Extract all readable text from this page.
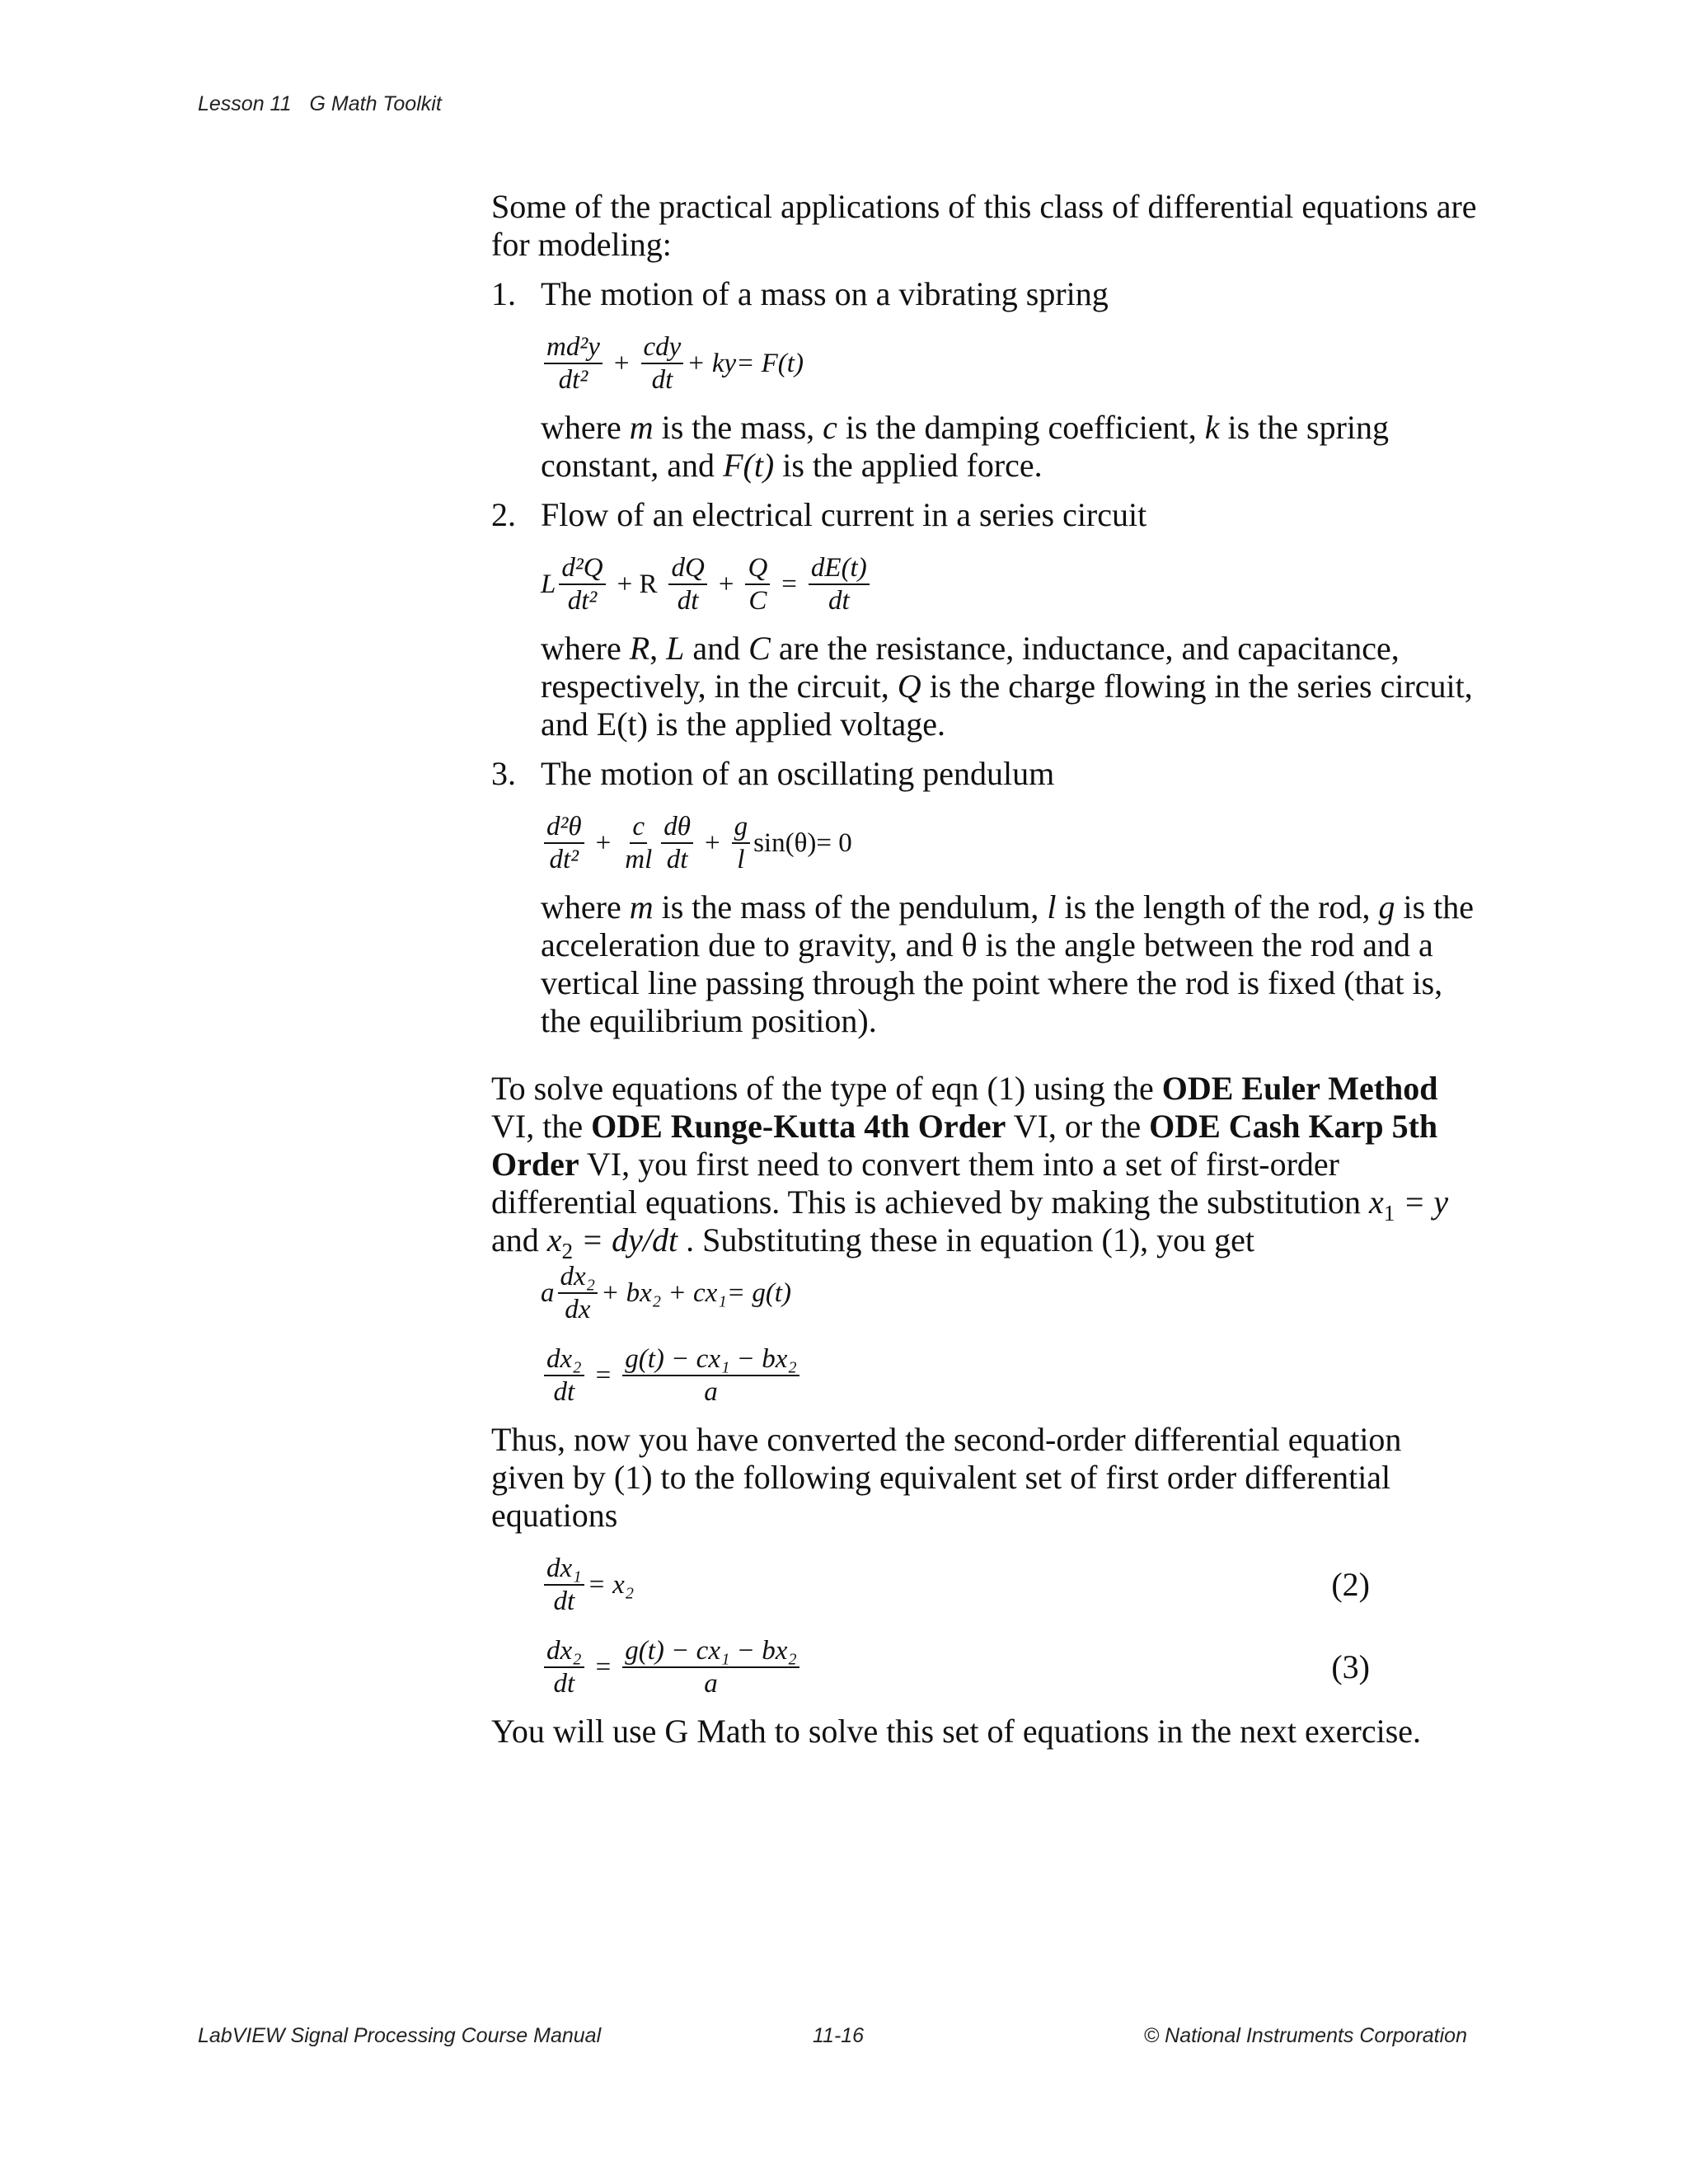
Lesson 11 G Math Toolkit

Some of the practical applications of this class of differential equations are for modeling:

1. The motion of a mass on a vibrating spring

$\frac{\text{md²y}}{\text{dt²}} + \frac{\text{cdy}}{dt} + ky= F(t)$

where m is the mass, c is the damping coefficient, k is the spring constant, and F(t) is the applied force.

2. Flow of an electrical current in a series circuit

L $\frac{\text{d²Q}}{\text{dt²}} + R \frac{dQ}{dt} + \frac{Q}{C} = \frac{dE(t)}{dt}$

where R, L and C are the resistance, inductance, and capacitance, respectively, in the circuit, Q is the charge flowing in the series circuit, and E(t) is the applied voltage.

3. The motion of an oscillating pendulum

$\frac{\text{d²θ}}{\text{dt²}} + \frac{c}{ml} \frac{d\theta}{dt} + \frac{g}{l} \sin(\theta)= 0$

where m is the mass of the pendulum, l is the length of the rod, g is the acceleration due to gravity, and θ is the angle between the rod and a vertical line passing through the point where the rod is fixed (that is, the equilibrium position).

To solve equations of the type of eqn (1) using the ODE Euler Method VI, the ODE Runge-Kutta 4th Order VI, or the ODE Cash Karp 5th Order VI, you first need to convert them into a set of first-order differential equations. This is achieved by making the substitution $x_1 = y$ and $x_2 = dy/dt$ . Substituting these in equation (1), you get

a $\frac{\text{dx₂}}{dx} + bx_2 + cx_1= g(t)$
$\frac{\text{dx₂}}{dt} = \frac{\text{g(t) − cx₁ − bx₂}}{a}$

Thus, now you have converted the second-order differential equation given by (1) to the following equivalent set of first order differential equations

$\frac{\text{dx₁}}{dt} = x_2$	(2)
$\frac{\text{dx₂}}{dt} = \frac{\text{g(t) − cx₁ − bx₂}}{a}$	(3)

You will use G Math to solve this set of equations in the next exercise.

LabVIEW Signal Processing Course Manual	11-16	© National Instruments Corporation
